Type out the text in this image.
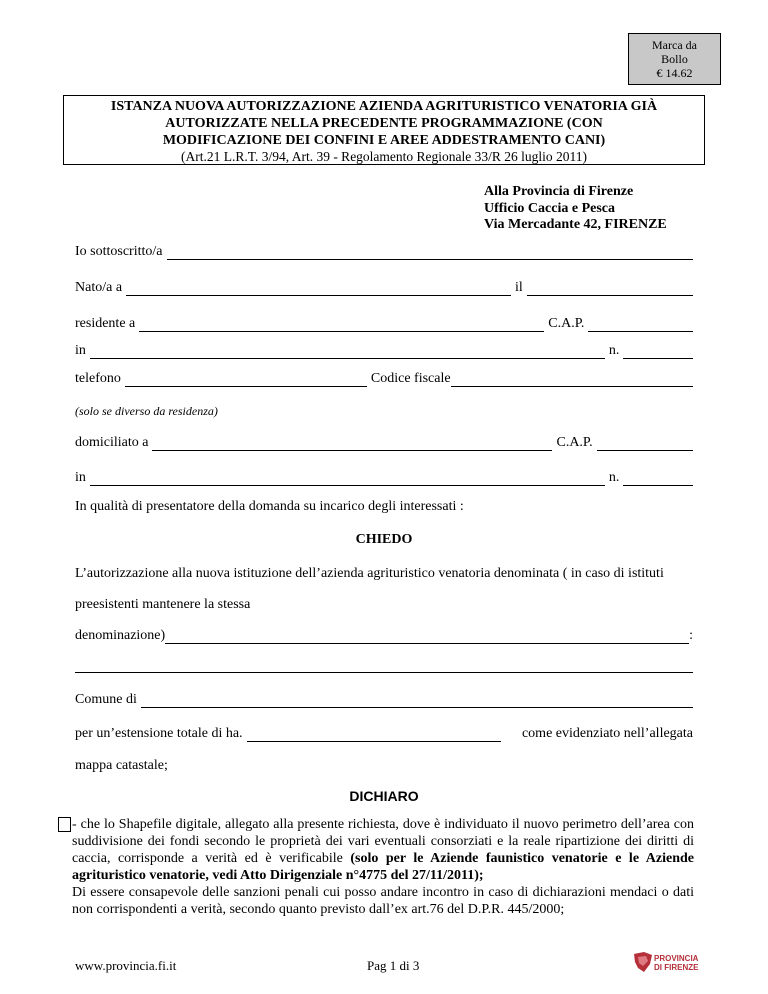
Marca da
Bollo
€ 14.62
ISTANZA NUOVA AUTORIZZAZIONE AZIENDA AGRITURISTICO VENATORIA GIÀ
AUTORIZZATE NELLA PRECEDENTE PROGRAMMAZIONE (CON
MODIFICAZIONE DEI CONFINI E AREE ADDESTRAMENTO CANI)
(Art.21 L.R.T. 3/94, Art. 39 - Regolamento Regionale 33/R 26 luglio 2011)
Alla Provincia di Firenze
Ufficio Caccia e Pesca
Via Mercadante 42, FIRENZE
Io sottoscritto/a
Nato/a a	il
residente a	C.A.P.
in	n.
telefono	Codice fiscale
(solo se diverso da residenza)
domiciliato a	C.A.P.
in	n.
In qualità di presentatore della domanda su incarico degli interessati :
CHIEDO
L’autorizzazione alla nuova istituzione dell’azienda agrituristico venatoria denominata ( in caso di istituti
preesistenti mantenere la stessa
denominazione)	:
Comune di
per un’estensione totale di ha.	come evidenziato nell’allegata
mappa catastale;
DICHIARO
- che lo Shapefile digitale, allegato alla presente richiesta, dove è individuato il nuovo perimetro dell’area con suddivisione dei fondi secondo le proprietà dei vari eventuali consorziati e la reale ripartizione dei diritti di caccia, corrisponde a verità ed è verificabile (solo per le Aziende faunistico venatorie e le Aziende agrituristico venatorie, vedi Atto Dirigenziale n°4775 del 27/11/2011);
Di essere consapevole delle sanzioni penali cui posso andare incontro in caso di dichiarazioni mendaci o dati non corrispondenti a verità, secondo quanto previsto dall’ex art.76 del D.P.R. 445/2000;
www.provincia.fi.it	Pag 1 di 3	PROVINCIA
DI FIRENZE
